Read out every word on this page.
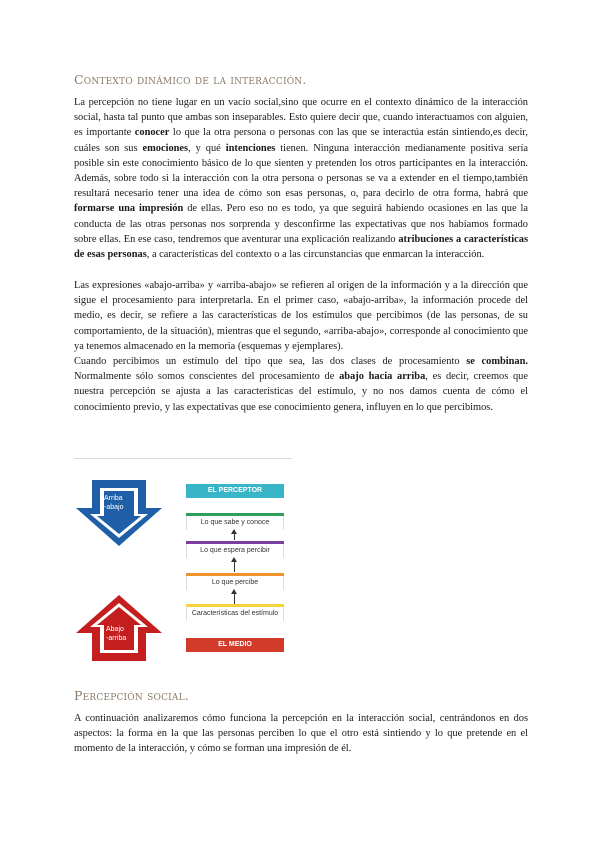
Contexto dinámico de la interacción.

La percepción no tiene lugar en un vacío social,sino que ocurre en el contexto dinámico de la interacción social, hasta tal punto que ambas son inseparables. Esto quiere decir que, cuando interactuamos con alguien, es importante conocer lo que la otra persona o personas con las que se interactúa están sintiendo,es decir, cuáles son sus emociones, y qué intenciones tienen. Ninguna interacción medianamente positiva sería posible sin este conocimiento básico de lo que sienten y pretenden los otros participantes en la interacción. Además, sobre todo si la interacción con la otra persona o personas se va a extender en el tiempo,también resultará necesario tener una idea de cómo son esas personas, o, para decirlo de otra forma, habrá que formarse una impresión de ellas. Pero eso no es todo, ya que seguirá habiendo ocasiones en las que la conducta de las otras personas nos sorprenda y desconfirme las expectativas que nos habíamos formado sobre ellas. En ese caso, tendremos que aventurar una explicación realizando atribuciones a características de esas personas, a características del contexto o a las circunstancias que enmarcan la interacción.

Las expresiones «abajo-arriba» y «arriba-abajo» se refieren al origen de la información y a la dirección que sigue el procesamiento para interpretarla. En el primer caso, «abajo-arriba», la información procede del medio, es decir, se refiere a las características de los estímulos que percibimos (de las personas, de su comportamiento, de la situación), mientras que el segundo, «arriba-abajo», corresponde al conocimiento que ya tenemos almacenado en la memoria (esquemas y ejemplares).

Cuando percibimos un estímulo del tipo que sea, las dos clases de procesamiento se combinan. Normalmente sólo somos conscientes del procesamiento de abajo hacia arriba, es decir, creemos que nuestra percepción se ajusta a las características del estímulo, y no nos damos cuenta de cómo el conocimiento previo, y las expectativas que ese conocimiento genera, influyen en lo que percibimos.

Arriba
-abajo
Abajo
-arriba
EL PERCEPTOR
Lo que sabe y conoce
Lo que espera percibir
Lo que percibe
Características del estímulo
EL MEDIO
Percepción social.

A continuación analizaremos cómo funciona la percepción en la interacción social, centrándonos en dos aspectos: la forma en la que las personas perciben lo que el otro está sintiendo y lo que pretende en el momento de la interacción, y cómo se forman una impresión de él.
